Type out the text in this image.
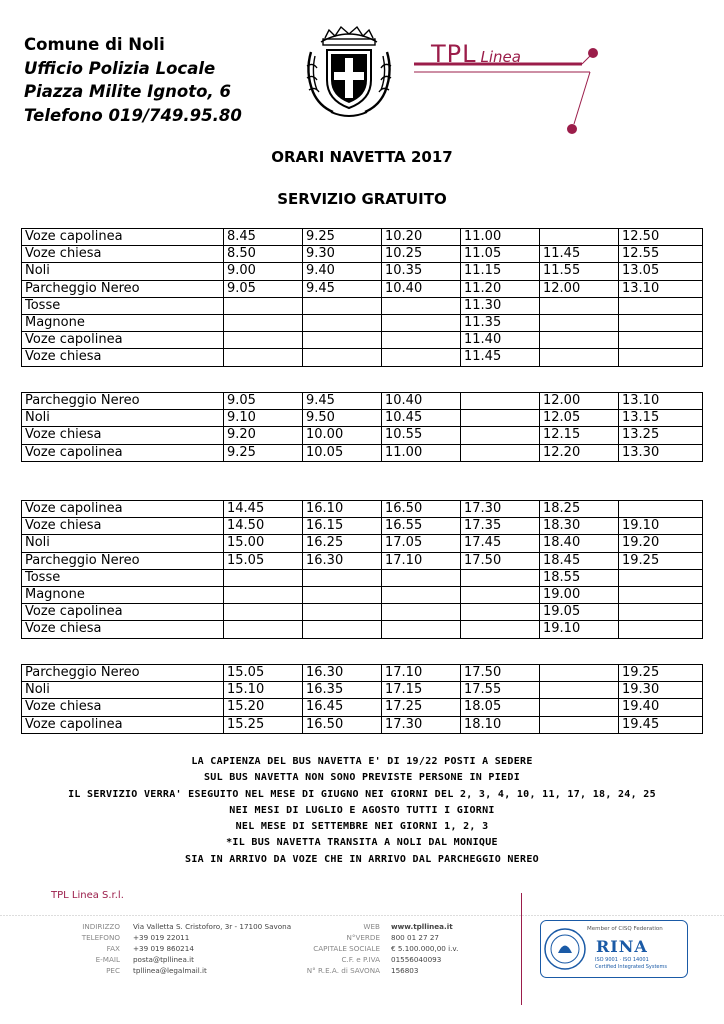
Comune di Noli
Ufficio Polizia Locale
Piazza Milite Ignoto, 6
Telefono 019/749.95.80
TPL Linea
ORARI NAVETTA 2017
SERVIZIO GRATUITO
Voze capolinea	8.45	9.25	10.20	11.00		12.50
Voze chiesa	8.50	9.30	10.25	11.05	11.45	12.55
Noli	9.00	9.40	10.35	11.15	11.55	13.05
Parcheggio Nereo	9.05	9.45	10.40	11.20	12.00	13.10
Tosse				11.30		
Magnone				11.35		
Voze capolinea				11.40		
Voze chiesa				11.45		
Parcheggio Nereo	9.05	9.45	10.40		12.00	13.10
Noli	9.10	9.50	10.45		12.05	13.15
Voze chiesa	9.20	10.00	10.55		12.15	13.25
Voze capolinea	9.25	10.05	11.00		12.20	13.30
Voze capolinea	14.45	16.10	16.50	17.30	18.25	
Voze chiesa	14.50	16.15	16.55	17.35	18.30	19.10
Noli	15.00	16.25	17.05	17.45	18.40	19.20
Parcheggio Nereo	15.05	16.30	17.10	17.50	18.45	19.25
Tosse					18.55	
Magnone					19.00	
Voze capolinea					19.05	
Voze chiesa					19.10	
Parcheggio Nereo	15.05	16.30	17.10	17.50		19.25
Noli	15.10	16.35	17.15	17.55		19.30
Voze chiesa	15.20	16.45	17.25	18.05		19.40
Voze capolinea	15.25	16.50	17.30	18.10		19.45
LA CAPIENZA DEL BUS NAVETTA E' DI 19/22 POSTI A SEDERE
SUL BUS NAVETTA NON SONO PREVISTE PERSONE IN PIEDI
IL SERVIZIO VERRA' ESEGUITO NEL MESE DI GIUGNO NEI GIORNI DEL 2, 3, 4, 10, 11, 17, 18, 24, 25
NEI MESI DI LUGLIO E AGOSTO TUTTI I GIORNI
NEL MESE DI SETTEMBRE NEI GIORNI 1, 2, 3
*IL BUS NAVETTA TRANSITA A NOLI DAL MONIQUE
SIA IN ARRIVO DA VOZE CHE IN ARRIVO DAL PARCHEGGIO NEREO
TPL Linea S.r.l.
INDIRIZZO
TELEFONO
FAX
E-MAIL
PEC
Via Valletta S. Cristoforo, 3r - 17100 Savona
+39 019 22011
+39 019 860214
posta@tpllinea.it
tpllinea@legalmail.it
WEB
N°VERDE
CAPITALE SOCIALE
C.F. e P.IVA
N° R.E.A. di SAVONA
www.tpllinea.it
800 01 27 27
€ 5.100.000,00 i.v.
01556040093
156803
Member of CISQ Federation
RINA
ISO 9001 · ISO 14001
Certified Integrated Systems
